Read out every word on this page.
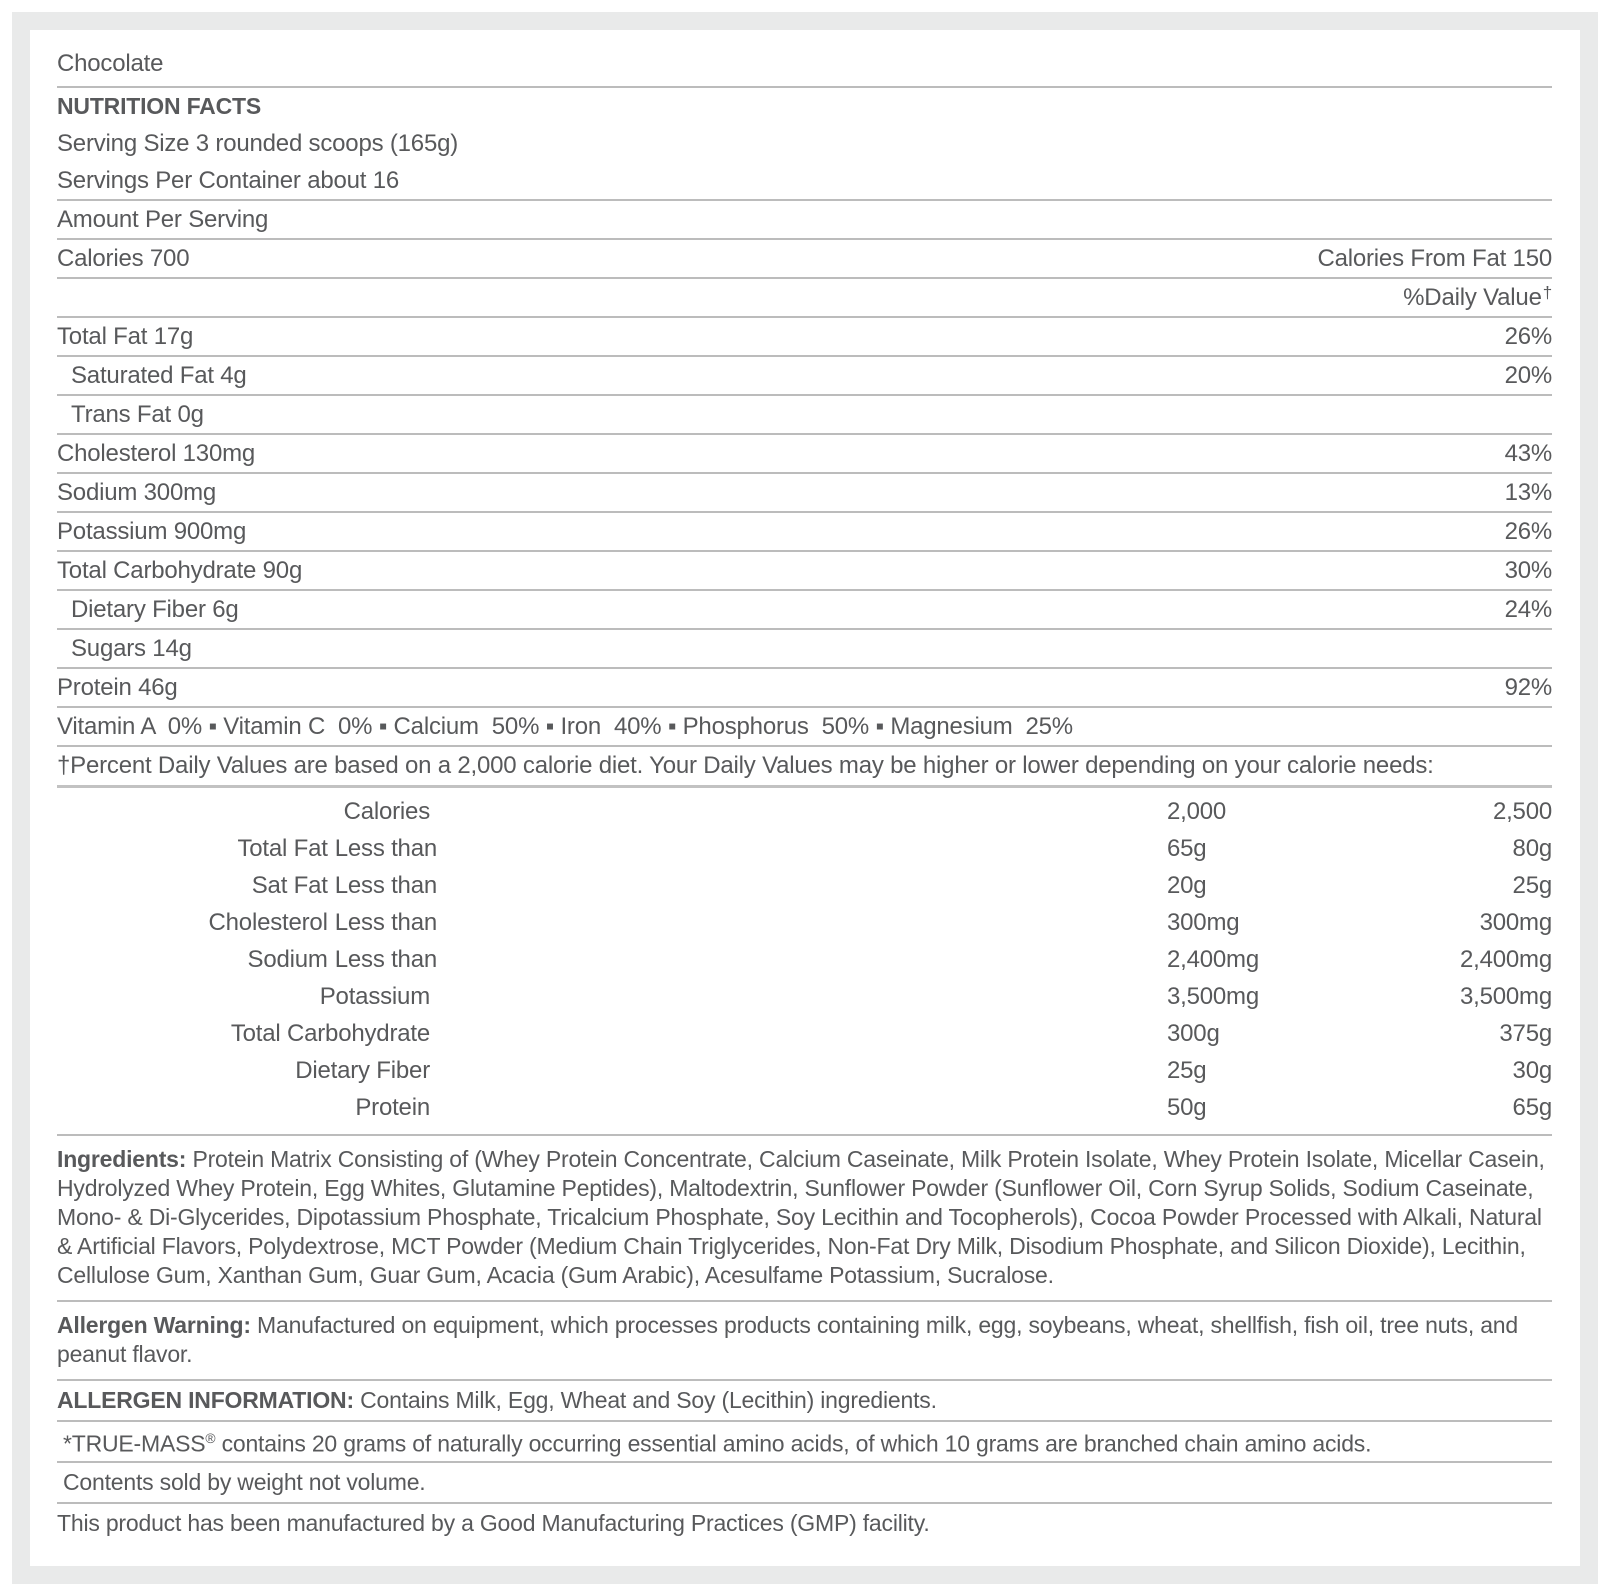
Chocolate
NUTRITION FACTS
Serving Size 3 rounded scoops (165g)
Servings Per Container about 16
Amount Per Serving
Calories 700	Calories From Fat 150
%Daily Value†
Total Fat 17g	26%
Saturated Fat 4g	20%
Trans Fat 0g
Cholesterol 130mg	43%
Sodium 300mg	13%
Potassium 900mg	26%
Total Carbohydrate 90g	30%
Dietary Fiber 6g	24%
Sugars 14g
Protein 46g	92%
Vitamin A  0% ▪ Vitamin C  0% ▪ Calcium  50% ▪ Iron  40% ▪ Phosphorus  50% ▪ Magnesium  25%
†Percent Daily Values are based on a 2,000 calorie diet. Your Daily Values may be higher or lower depending on your calorie needs:
Calories	2,000	2,500
Total Fat Less than	65g	80g
Sat Fat Less than	20g	25g
Cholesterol Less than	300mg	300mg
Sodium Less than	2,400mg	2,400mg
Potassium	3,500mg	3,500mg
Total Carbohydrate	300g	375g
Dietary Fiber	25g	30g
Protein	50g	65g
Ingredients: Protein Matrix Consisting of (Whey Protein Concentrate, Calcium Caseinate, Milk Protein Isolate, Whey Protein Isolate, Micellar Casein, Hydrolyzed Whey Protein, Egg Whites, Glutamine Peptides), Maltodextrin, Sunflower Powder (Sunflower Oil, Corn Syrup Solids, Sodium Caseinate, Mono- & Di-Glycerides, Dipotassium Phosphate, Tricalcium Phosphate, Soy Lecithin and Tocopherols), Cocoa Powder Processed with Alkali, Natural & Artificial Flavors, Polydextrose, MCT Powder (Medium Chain Triglycerides, Non-Fat Dry Milk, Disodium Phosphate, and Silicon Dioxide), Lecithin, Cellulose Gum, Xanthan Gum, Guar Gum, Acacia (Gum Arabic), Acesulfame Potassium, Sucralose.
Allergen Warning: Manufactured on equipment, which processes products containing milk, egg, soybeans, wheat, shellfish, fish oil, tree nuts, and peanut flavor.
ALLERGEN INFORMATION: Contains Milk, Egg, Wheat and Soy (Lecithin) ingredients.
*TRUE-MASS® contains 20 grams of naturally occurring essential amino acids, of which 10 grams are branched chain amino acids.
Contents sold by weight not volume.
This product has been manufactured by a Good Manufacturing Practices (GMP) facility.
